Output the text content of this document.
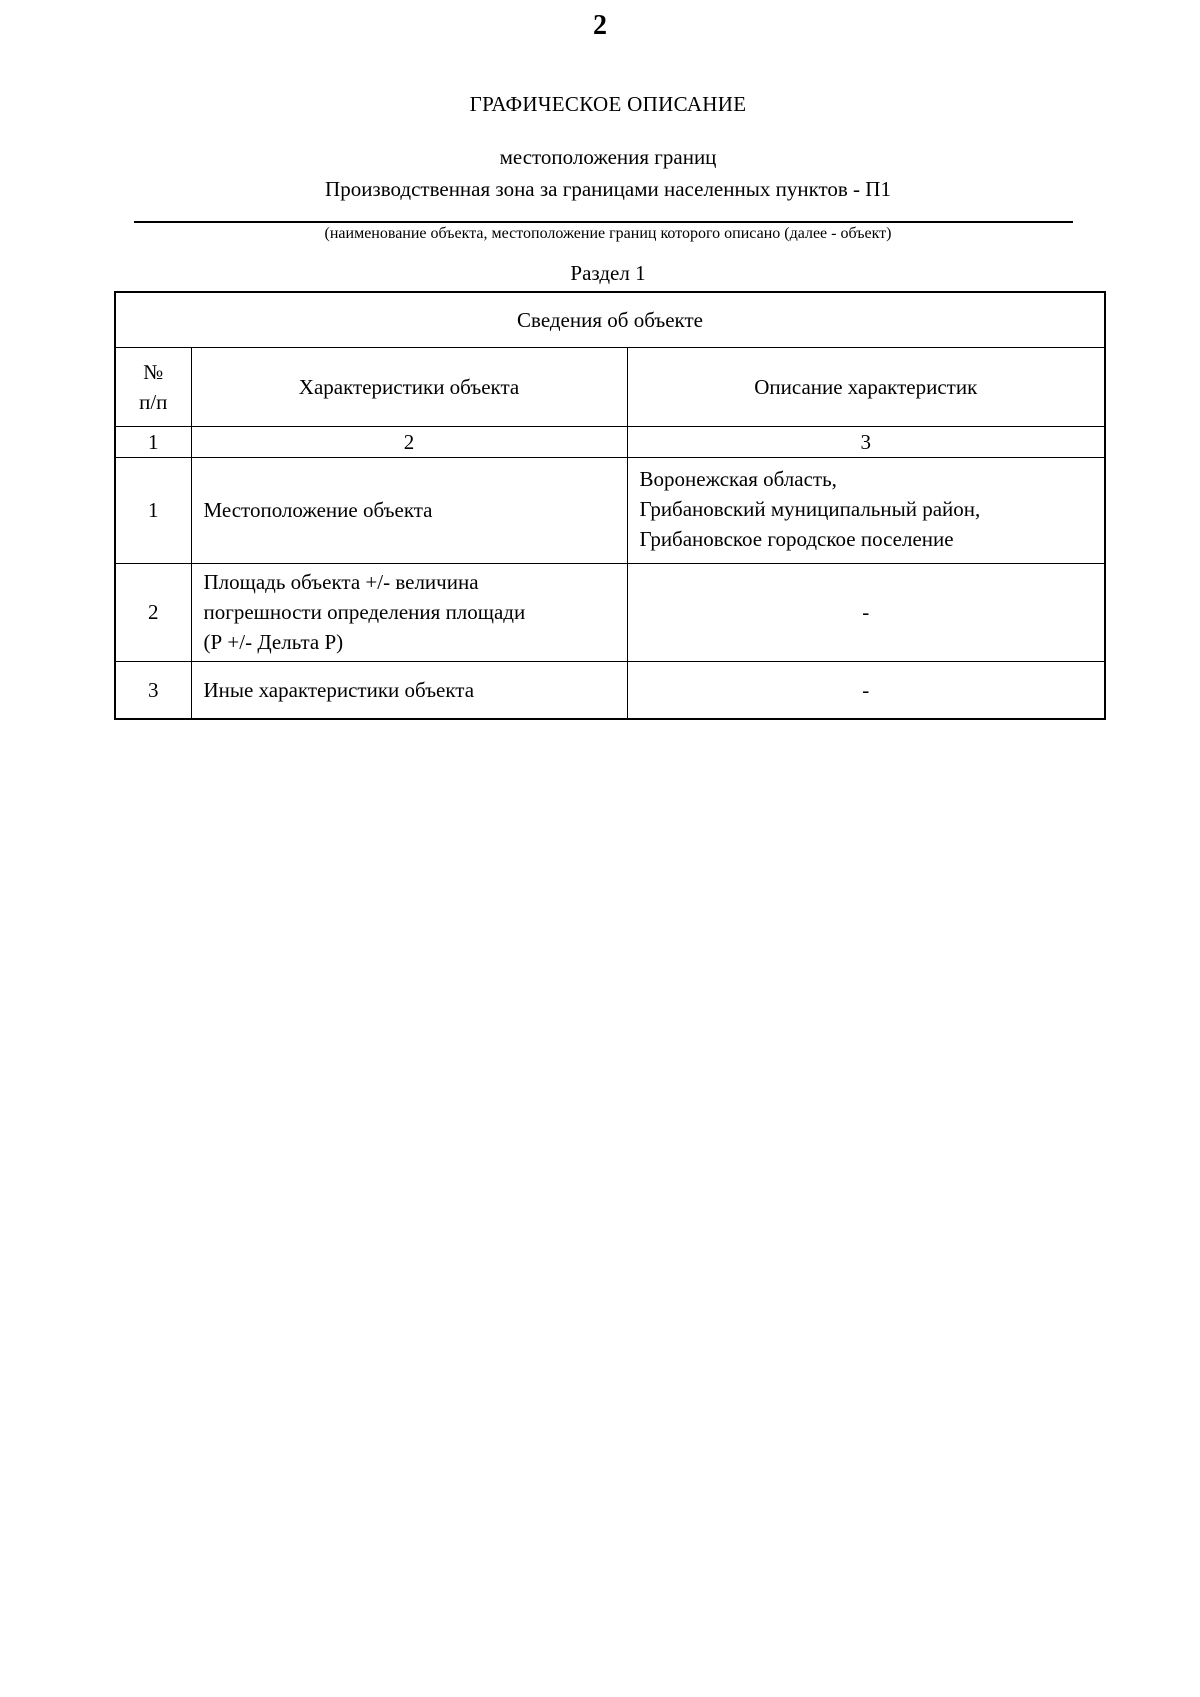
2
ГРАФИЧЕСКОЕ ОПИСАНИЕ
местоположения границ
Производственная зона за границами населенных пунктов - П1
(наименование объекта, местоположение границ которого описано (далее - объект)
Раздел 1
Сведения об объекте		

№
п/п	Характеристики объекта	Описание характеристик
1	2	3
1	Местоположение объекта	Воронежская область,
Грибановский муниципальный район,
Грибановское городское поселение

2	Площадь объекта +/- величина
погрешности определения площади
(Р +/- Дельта Р)	-

3	Иные характеристики объекта	-
